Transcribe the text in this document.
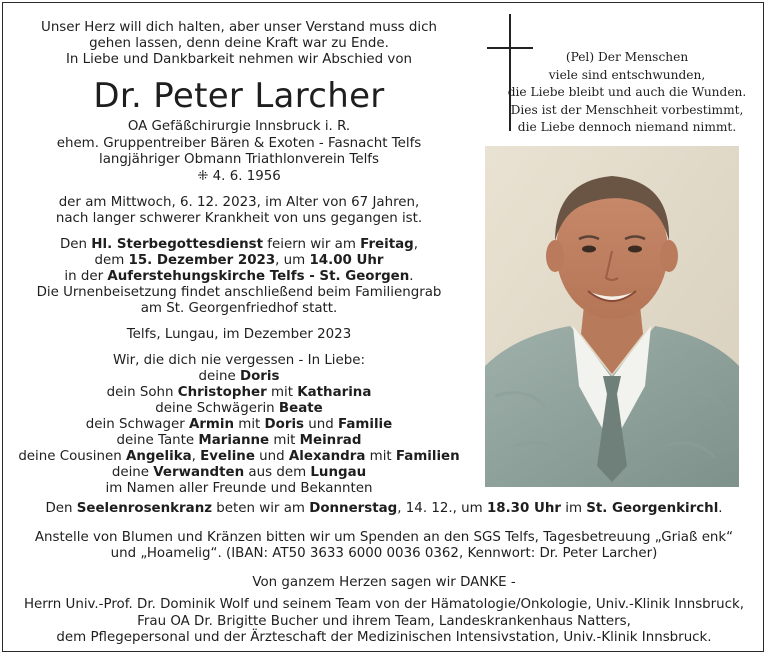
Unser Herz will dich halten, aber unser Verstand muss dich
gehen lassen, denn deine Kraft war zu Ende.
In Liebe und Dankbarkeit nehmen wir Abschied von
Dr. Peter Larcher
OA Gefäßchirurgie Innsbruck i. R.
ehem. Gruppentreiber Bären & Exoten - Fasnacht Telfs
langjähriger Obmann Triathlonverein Telfs
⁜ 4. 6. 1956
der am Mittwoch, 6. 12. 2023, im Alter von 67 Jahren,
nach langer schwerer Krankheit von uns gegangen ist.
Den Hl. Sterbegottesdienst feiern wir am Freitag,
dem 15. Dezember 2023, um 14.00 Uhr
in der Auferstehungskirche Telfs - St. Georgen.
Die Urnenbeisetzung findet anschließend beim Familiengrab
am St. Georgenfriedhof statt.
Telfs, Lungau, im Dezember 2023
Wir, die dich nie vergessen - In Liebe:
deine Doris
dein Sohn Christopher mit Katharina
deine Schwägerin Beate
dein Schwager Armin mit Doris und Familie
deine Tante Marianne mit Meinrad
deine Cousinen Angelika, Eveline und Alexandra mit Familien
deine Verwandten aus dem Lungau
im Namen aller Freunde und Bekannten
(Pel) Der Menschen
viele sind entschwunden,
die Liebe bleibt und auch die Wunden.
Dies ist der Menschheit vorbestimmt,
die Liebe dennoch niemand nimmt.
Den Seelenrosenkranz beten wir am Donnerstag, 14. 12., um 18.30 Uhr im St. Georgenkirchl.
Anstelle von Blumen und Kränzen bitten wir um Spenden an den SGS Telfs, Tagesbetreuung „Griaß enk“
und „Hoamelig“. (IBAN: AT50 3633 6000 0036 0362, Kennwort: Dr. Peter Larcher)
Von ganzem Herzen sagen wir DANKE -
Herrn Univ.-Prof. Dr. Dominik Wolf und seinem Team von der Hämatologie/Onkologie, Univ.-Klinik Innsbruck,
Frau OA Dr. Brigitte Bucher und ihrem Team, Landeskrankenhaus Natters,
dem Pflegepersonal und der Ärzteschaft der Medizinischen Intensivstation, Univ.-Klinik Innsbruck.
